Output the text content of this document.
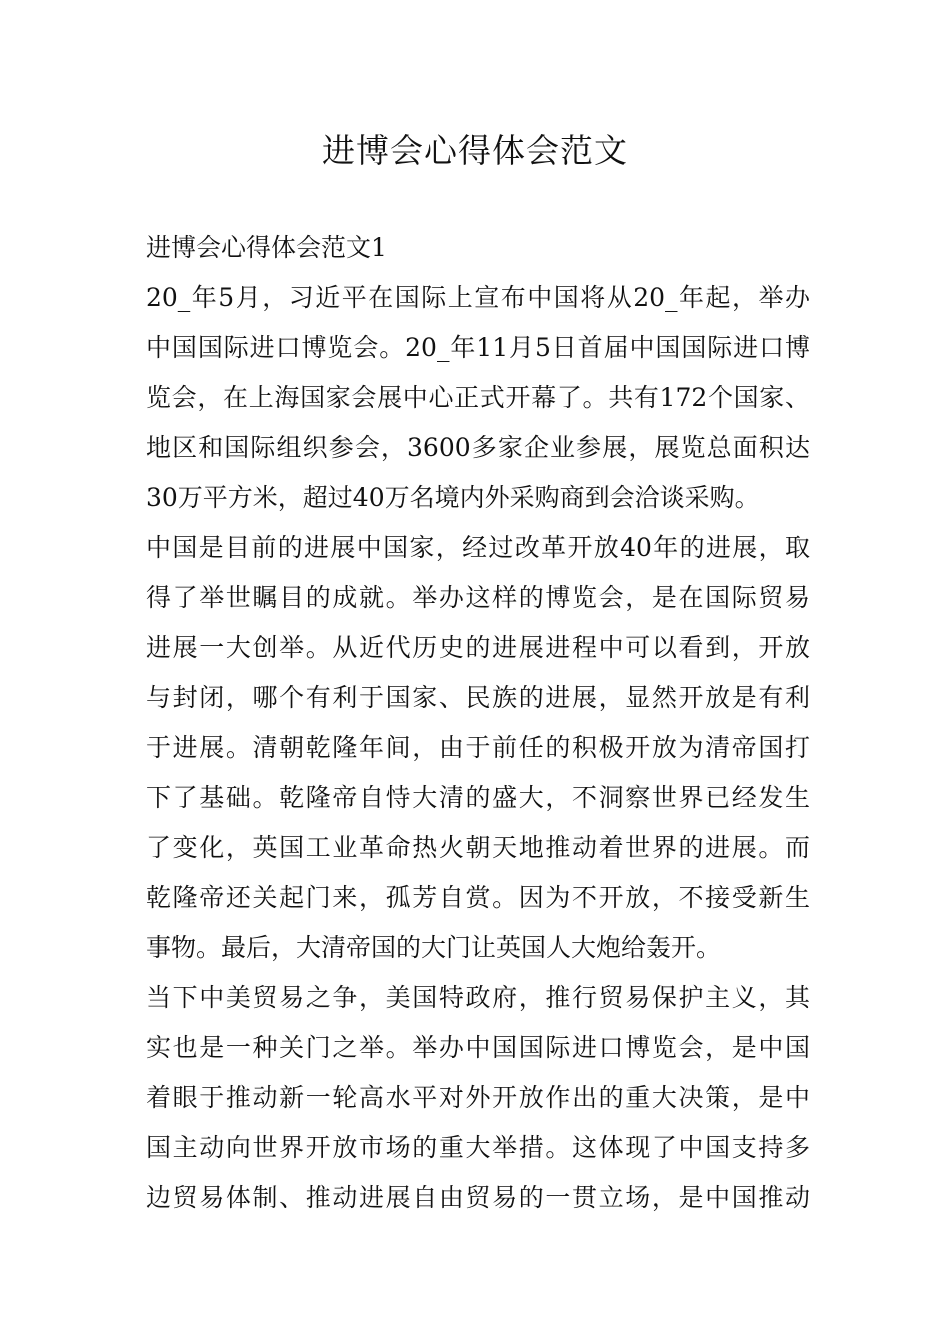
进博会心得体会范文

进博会心得体会范文1

20_年5月，习近平在国际上宣布中国将从20_年起，举办

中国国际进口博览会。20_年11月5日首届中国国际进口博

览会，在上海国家会展中心正式开幕了。共有172个国家、

地区和国际组织参会，3600多家企业参展，展览总面积达

30万平方米，超过40万名境内外采购商到会洽谈采购。

中国是目前的进展中国家，经过改革开放40年的进展，取

得了举世瞩目的成就。举办这样的博览会，是在国际贸易

进展一大创举。从近代历史的进展进程中可以看到，开放

与封闭，哪个有利于国家、民族的进展，显然开放是有利

于进展。清朝乾隆年间，由于前任的积极开放为清帝国打

下了基础。乾隆帝自恃大清的盛大，不洞察世界已经发生

了变化，英国工业革命热火朝天地推动着世界的进展。而

乾隆帝还关起门来，孤芳自赏。因为不开放，不接受新生

事物。最后，大清帝国的大门让英国人大炮给轰开。

当下中美贸易之争，美国特政府，推行贸易保护主义，其

实也是一种关门之举。举办中国国际进口博览会，是中国

着眼于推动新一轮高水平对外开放作出的重大决策，是中

国主动向世界开放市场的重大举措。这体现了中国支持多

边贸易体制、推动进展自由贸易的一贯立场，是中国推动
